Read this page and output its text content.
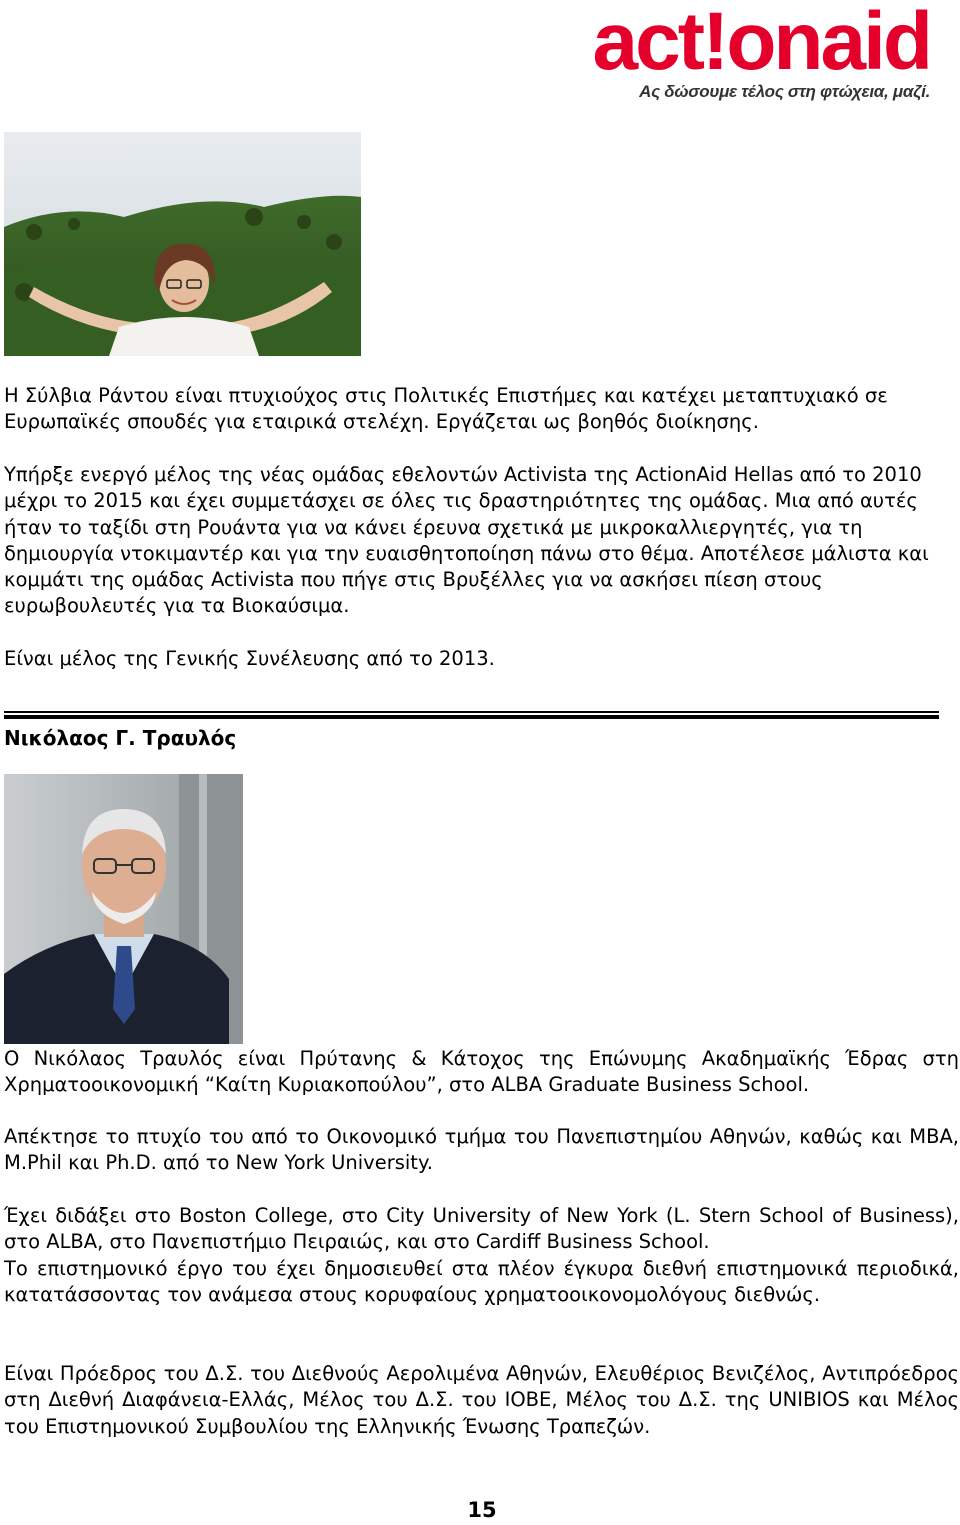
act!onaid
Ας δώσουμε τέλος στη φτώχεια, μαζί.
Η Σύλβια Ράντου είναι πτυχιούχος στις Πολιτικές Επιστήμες και κατέχει μεταπτυχιακό σε Ευρωπαϊκές σπουδές για εταιρικά στελέχη. Εργάζεται ως βοηθός διοίκησης.
Υπήρξε ενεργό μέλος της νέας ομάδας εθελοντών Activista της ActionAid Hellas από το 2010 μέχρι το 2015 και έχει συμμετάσχει σε όλες τις δραστηριότητες της ομάδας. Μια από αυτές ήταν το ταξίδι στη Ρουάντα για να κάνει έρευνα σχετικά με μικροκαλλιεργητές, για τη δημιουργία ντοκιμαντέρ και για την ευαισθητοποίηση πάνω στο θέμα. Αποτέλεσε μάλιστα και κομμάτι της ομάδας Activista που πήγε στις Βρυξέλλες για να ασκήσει πίεση στους ευρωβουλευτές για τα Βιοκαύσιμα.
Είναι μέλος της Γενικής Συνέλευσης από το 2013.
Νικόλαος Γ. Τραυλός
Ο Νικόλαος Τραυλός είναι Πρύτανης & Κάτοχος της Επώνυμης Ακαδημαϊκής Έδρας στη Χρηματοοικονομική “Καίτη Κυριακοπούλου”, στο ALBA Graduate Business School.
Απέκτησε το πτυχίο του από το Οικονομικό τμήμα του Πανεπιστημίου Αθηνών, καθώς και MBA, M.Phil και Ph.D. από το New York University.
Έχει διδάξει στο Boston College, στο City University of New York (L. Stern School of Business), στο ALBA, στο Πανεπιστήμιο Πειραιώς, και στο Cardiff Business School.
Το επιστημονικό έργο του έχει δημοσιευθεί στα πλέον έγκυρα διεθνή επιστημονικά περιοδικά, κατατάσσοντας τον ανάμεσα στους κορυφαίους χρηματοοικονομολόγους διεθνώς.
Είναι Πρόεδρος του Δ.Σ. του Διεθνούς Αερολιμένα Αθηνών, Ελευθέριος Βενιζέλος, Αντιπρόεδρος στη Διεθνή Διαφάνεια-Ελλάς, Μέλος του Δ.Σ. του ΙΟΒΕ, Μέλος του Δ.Σ. της UNIBIOS και Μέλος του Επιστημονικού Συμβουλίου της Ελληνικής Ένωσης Τραπεζών.
15
